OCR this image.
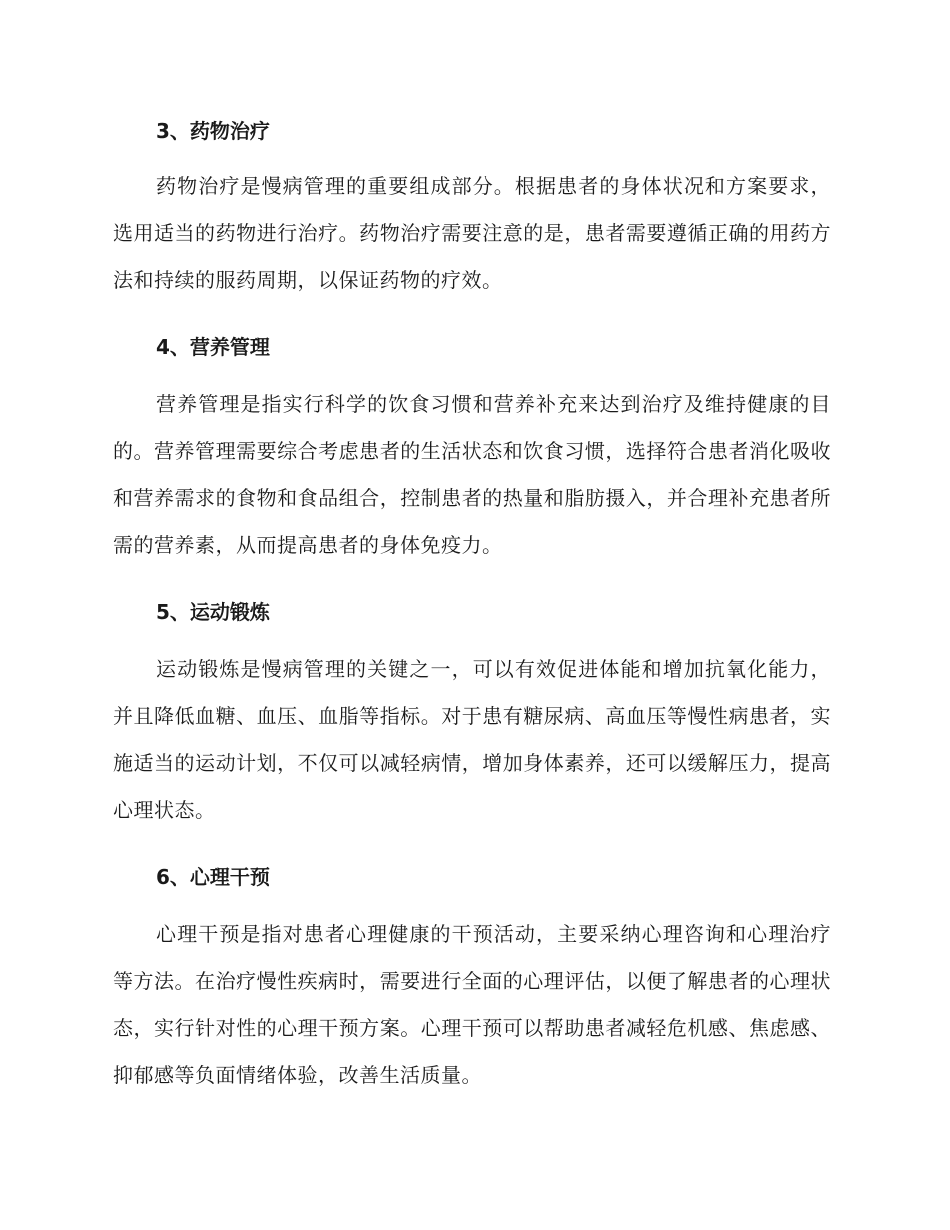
3、药物治疗

药物治疗是慢病管理的重要组成部分。根据患者的身体状况和方案要求，选用适当的药物进行治疗。药物治疗需要注意的是，患者需要遵循正确的用药方法和持续的服药周期，以保证药物的疗效。

4、营养管理

营养管理是指实行科学的饮食习惯和营养补充来达到治疗及维持健康的目的。营养管理需要综合考虑患者的生活状态和饮食习惯，选择符合患者消化吸收和营养需求的食物和食品组合，控制患者的热量和脂肪摄入，并合理补充患者所需的营养素，从而提高患者的身体免疫力。

5、运动锻炼

运动锻炼是慢病管理的关键之一，可以有效促进体能和增加抗氧化能力，并且降低血糖、血压、血脂等指标。对于患有糖尿病、高血压等慢性病患者，实施适当的运动计划，不仅可以减轻病情，增加身体素养，还可以缓解压力，提高心理状态。

6、心理干预

心理干预是指对患者心理健康的干预活动，主要采纳心理咨询和心理治疗等方法。在治疗慢性疾病时，需要进行全面的心理评估，以便了解患者的心理状态，实行针对性的心理干预方案。心理干预可以帮助患者减轻危机感、焦虑感、抑郁感等负面情绪体验，改善生活质量。
